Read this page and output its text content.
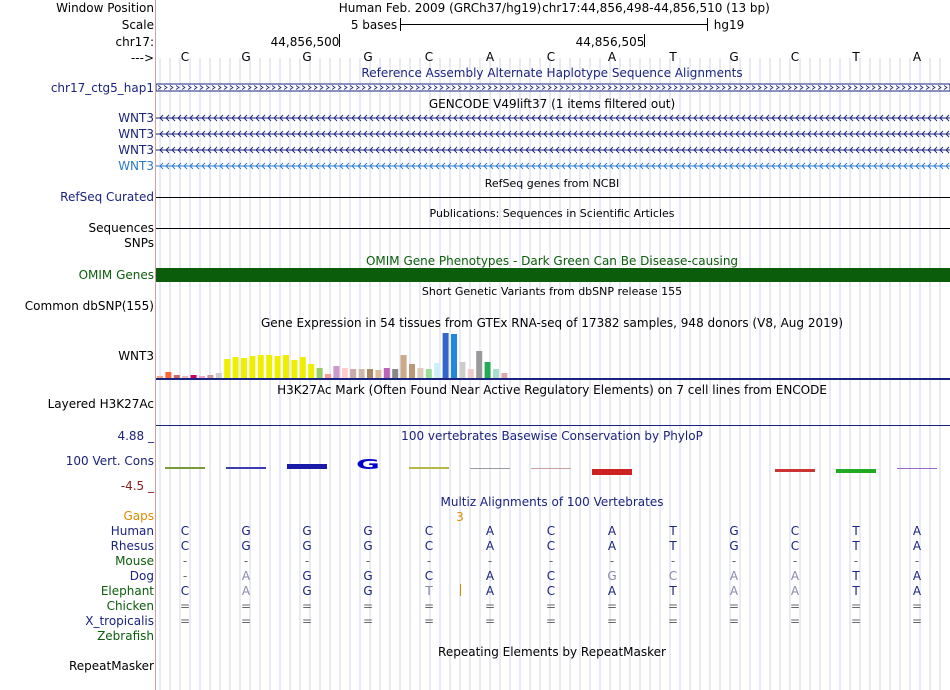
Window Position	Human Feb. 2009 (GRCh37/hg19) chr17:44,856,498-44,856,510 (13 bp)
Scale	5 bases	hg19
chr17:	44,856,500	44,856,505
--->	C	G	G	G	C	A	C	A	T	G	C	T	A
Reference Assembly Alternate Haplotype Sequence Alignments
chr17_ctg5_hap1
GENCODE V49lift37 (1 items filtered out)
WNT3
WNT3
WNT3
WNT3
RefSeq genes from NCBI
RefSeq Curated
Publications: Sequences in Scientific Articles
Sequences
SNPs
OMIM Gene Phenotypes - Dark Green Can Be Disease-causing
OMIM Genes
Short Genetic Variants from dbSNP release 155
Common dbSNP(155)
Gene Expression in 54 tissues from GTEx RNA-seq of 17382 samples, 948 donors (V8, Aug 2019)
WNT3
H3K27Ac Mark (Often Found Near Active Regulatory Elements) on 7 cell lines from ENCODE
Layered H3K27Ac
100 vertebrates Basewise Conservation by PhyloP
4.88 _
100 Vert. Cons
-4.5 _
G
Multiz Alignments of 100 Vertebrates
Gaps	3
Human	C	G	G	G	C	A	C	A	T	G	C	T	A
Rhesus	C	G	G	G	C	A	C	A	T	G	C	T	A
Mouse	-	-	-	-	-	-	-	-	-	-	-	-	-
Dog	-	A	G	G	C	A	C	G	C	A	A	T	A
Elephant	C	A	G	G	T	A	C	A	T	A	A	T	A
Chicken	=	=	=	=	=	=	=	=	=	=	=	=	=
X_tropicalis	=	=	=	=	=	=	=	=	=	=	=	=	=
Zebrafish
Repeating Elements by RepeatMasker
RepeatMasker
